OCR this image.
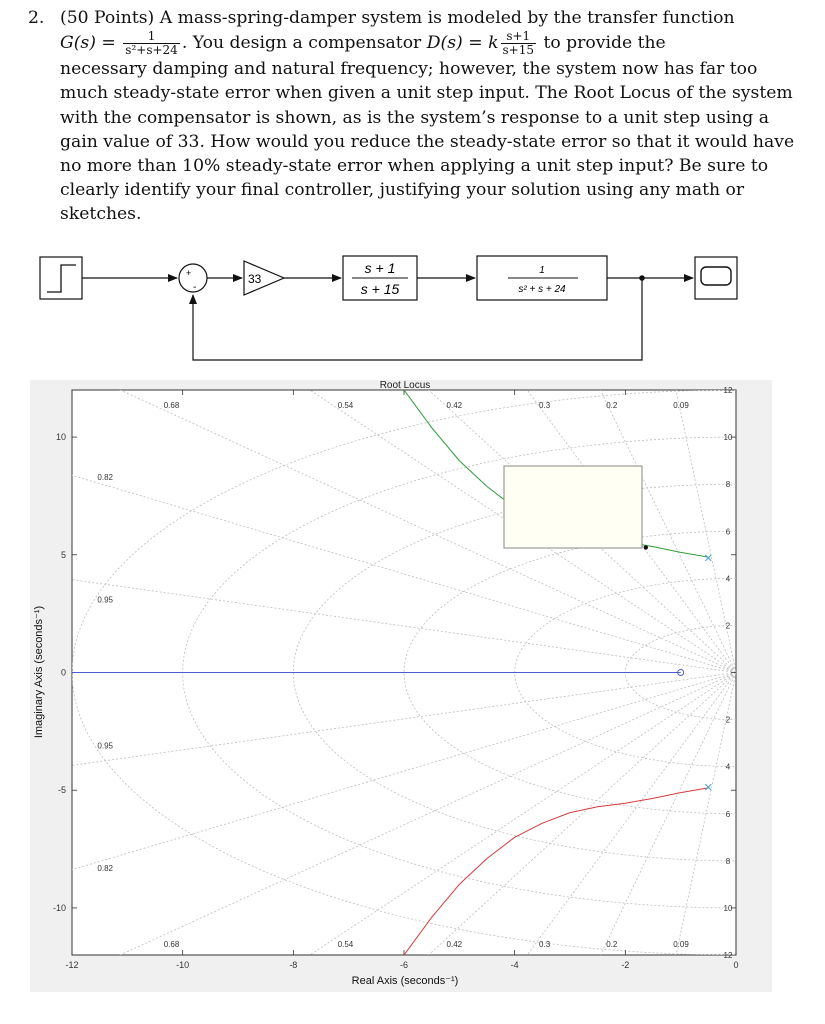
2. (50 Points) A mass-spring-damper system is modeled by the transfer function
$G(s) = \frac{1}{\text{s²+s+24}}$ . You design a compensator D(s) = k $\frac{s+1}{s+15}$ to provide the
necessary damping and natural frequency; however, the system now has far too much steady-state error when given a unit step input. The Root Locus of the system with the compensator is shown, as is the system’s response to a unit step using a gain value of 33. How would you reduce the steady-state error so that it would have no more than 10% steady-state error when applying a unit step input? Be sure to clearly identify your final controller, justifying your solution using any math or sketches.
+
-
33
s + 1
s + 15
1
s² + s + 24
-12	-10	-8	-6	-4	-2	0
-10
-5
0
5
10
2
2
4
4
6
6
8
8
10
10
12
12
0.68	0.54	0.42	0.3	0.2	0.09
0.68	0.54	0.42	0.3	0.2	0.09
0.82
0.95
0.95
0.82
Root Locus
Real Axis (seconds⁻¹)
Imaginary Axis (seconds⁻¹)
